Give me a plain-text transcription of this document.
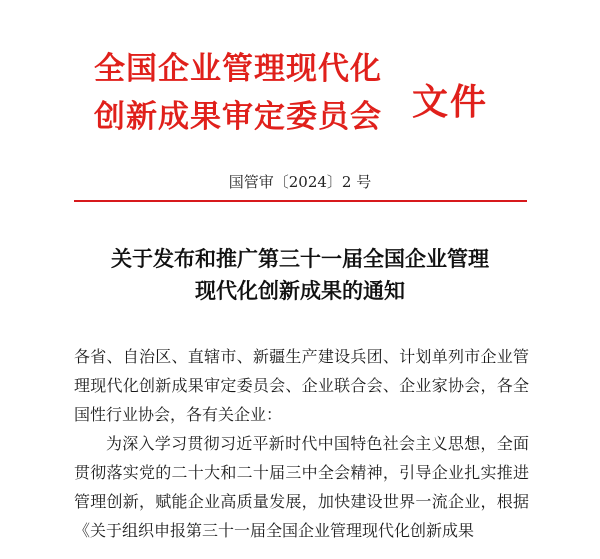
全国企业管理现代化
创新成果审定委员会 文件
国管审〔2024〕2 号
关于发布和推广第三十一届全国企业管理
现代化创新成果的通知

各省、自治区、直辖市、新疆生产建设兵团、计划单列市企业管理现代化创新成果审定委员会、企业联合会、企业家协会，各全国性行业协会，各有关企业：

为深入学习贯彻习近平新时代中国特色社会主义思想，全面贯彻落实党的二十大和二十届三中全会精神，引导企业扎实推进管理创新，赋能企业高质量发展，加快建设世界一流企业，根据《关于组织申报第三十一届全国企业管理现代化创新成果
